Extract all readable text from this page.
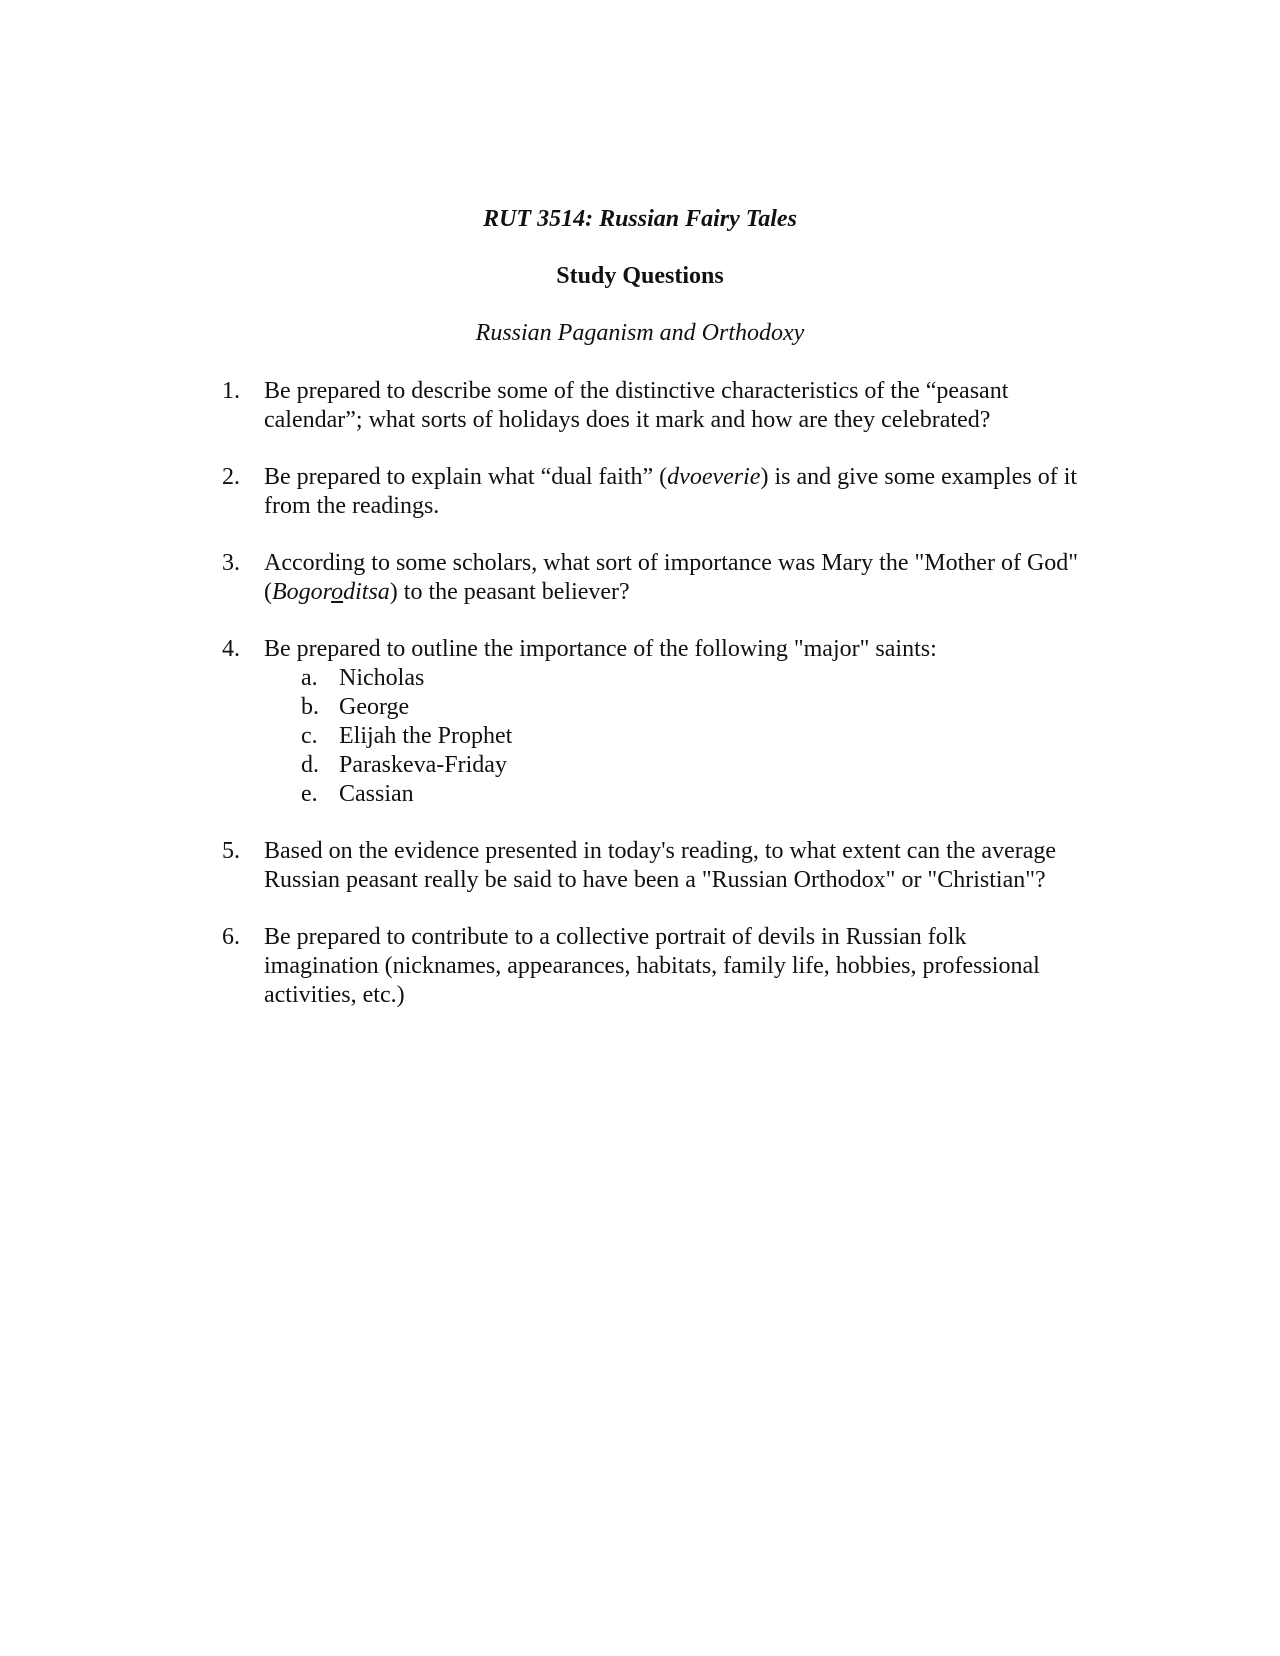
RUT 3514: Russian Fairy Tales
Study Questions
Russian Paganism and Orthodoxy
1. Be prepared to describe some of the distinctive characteristics of the “peasant calendar”; what sorts of holidays does it mark and how are they celebrated?
2. Be prepared to explain what “dual faith” (dvoeverie) is and give some examples of it from the readings.
3. According to some scholars, what sort of importance was Mary the "Mother of God" (Bogoroditsa) to the peasant believer?
4. Be prepared to outline the importance of the following "major" saints:
a. Nicholas
b. George
c. Elijah the Prophet
d. Paraskeva-Friday
e. Cassian
5. Based on the evidence presented in today's reading, to what extent can the average Russian peasant really be said to have been a "Russian Orthodox" or "Christian"?
6. Be prepared to contribute to a collective portrait of devils in Russian folk imagination (nicknames, appearances, habitats, family life, hobbies, professional activities, etc.)
